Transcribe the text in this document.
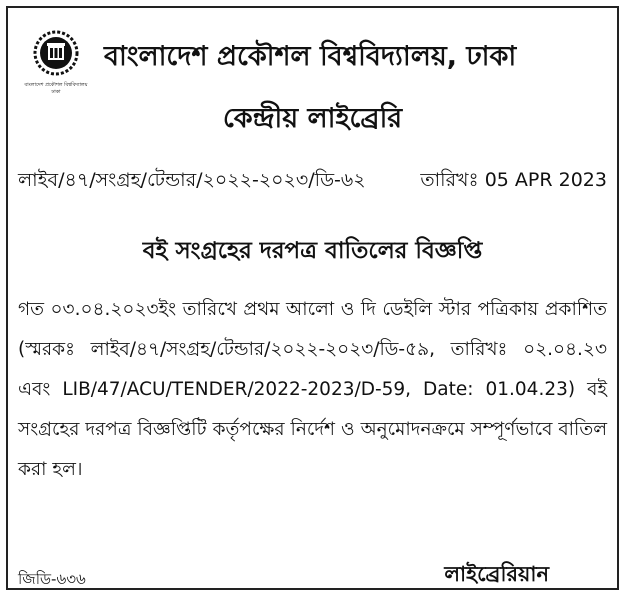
বাংলাদেশ প্রকৌশল বিশ্ববিদ্যালয়
ঢাকা
বাংলাদেশ প্রকৌশল বিশ্ববিদ্যালয়, ঢাকা
কেন্দ্রীয় লাইব্রেরি
লাইব/৪৭/সংগ্রহ/টেন্ডার/২০২২-২০২৩/ডি-৬২	তারিখঃ 05 APR 2023
বই সংগ্রহের দরপত্র বাতিলের বিজ্ঞপ্তি
গত ০৩.০৪.২০২৩ইং তারিখে প্রথম আলো ও দি ডেইলি স্টার পত্রিকায় প্রকাশিত (স্মরকঃ লাইব/৪৭/সংগ্রহ/টেন্ডার/২০২২-২০২৩/ডি-৫৯, তারিখঃ ০২.০৪.২৩ এবং LIB/47/ACU/TENDER/2022-2023/D-59, Date: 01.04.23) বই সংগ্রহের দরপত্র বিজ্ঞপ্তিটি কর্তৃপক্ষের নির্দেশ ও অনুমোদনক্রমে সম্পূর্ণভাবে বাতিল করা হল।
জিডি-৬৩৬	লাইব্রেরিয়ান
